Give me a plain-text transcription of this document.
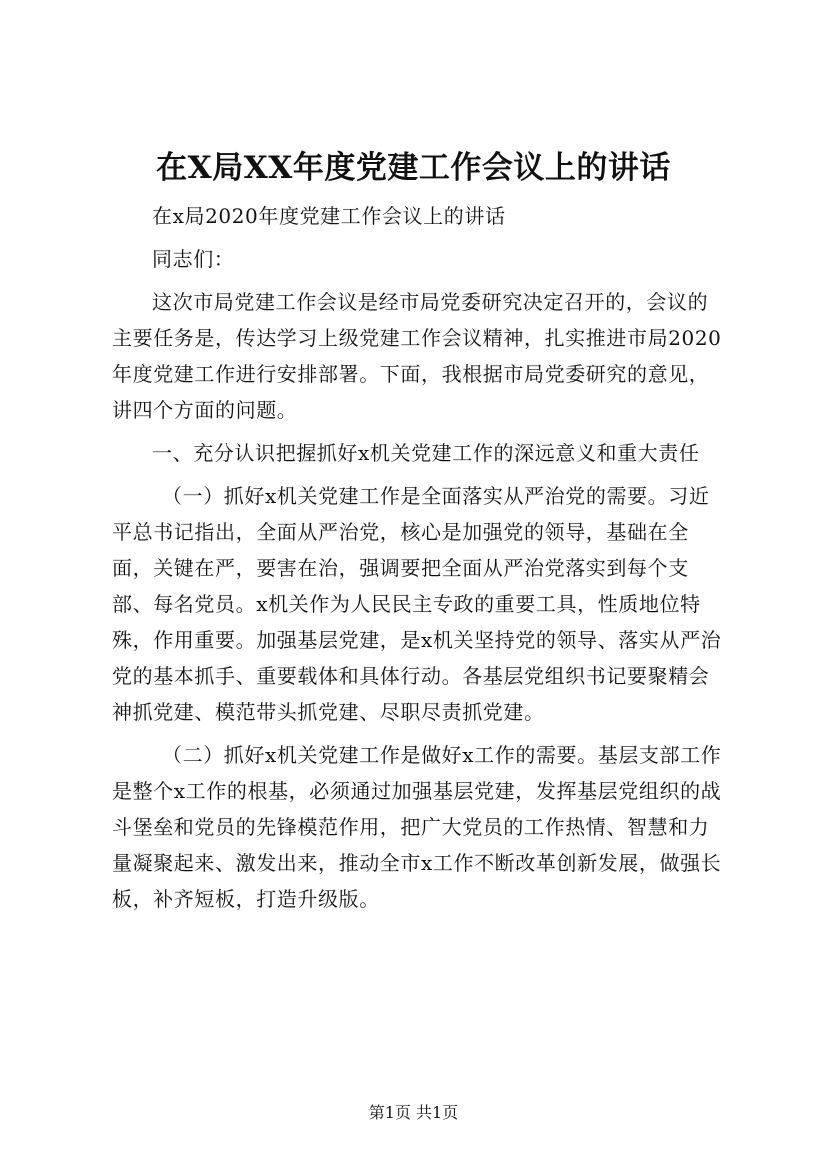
在X局XX年度党建工作会议上的讲话

在x局2020年度党建工作会议上的讲话

同志们：

这次市局党建工作会议是经市局党委研究决定召开的，会议的主要任务是，传达学习上级党建工作会议精神，扎实推进市局2020年度党建工作进行安排部署。下面，我根据市局党委研究的意见，讲四个方面的问题。

一、充分认识把握抓好x机关党建工作的深远意义和重大责任

（一）抓好x机关党建工作是全面落实从严治党的需要。习近平总书记指出，全面从严治党，核心是加强党的领导，基础在全面，关键在严，要害在治，强调要把全面从严治党落实到每个支部、每名党员。x机关作为人民民主专政的重要工具，性质地位特殊，作用重要。加强基层党建，是x机关坚持党的领导、落实从严治党的基本抓手、重要载体和具体行动。各基层党组织书记要聚精会神抓党建、模范带头抓党建、尽职尽责抓党建。

（二）抓好x机关党建工作是做好x工作的需要。基层支部工作是整个x工作的根基，必须通过加强基层党建，发挥基层党组织的战斗堡垒和党员的先锋模范作用，把广大党员的工作热情、智慧和力量凝聚起来、激发出来，推动全市x工作不断改革创新发展，做强长板，补齐短板，打造升级版。

第1页 共1页
